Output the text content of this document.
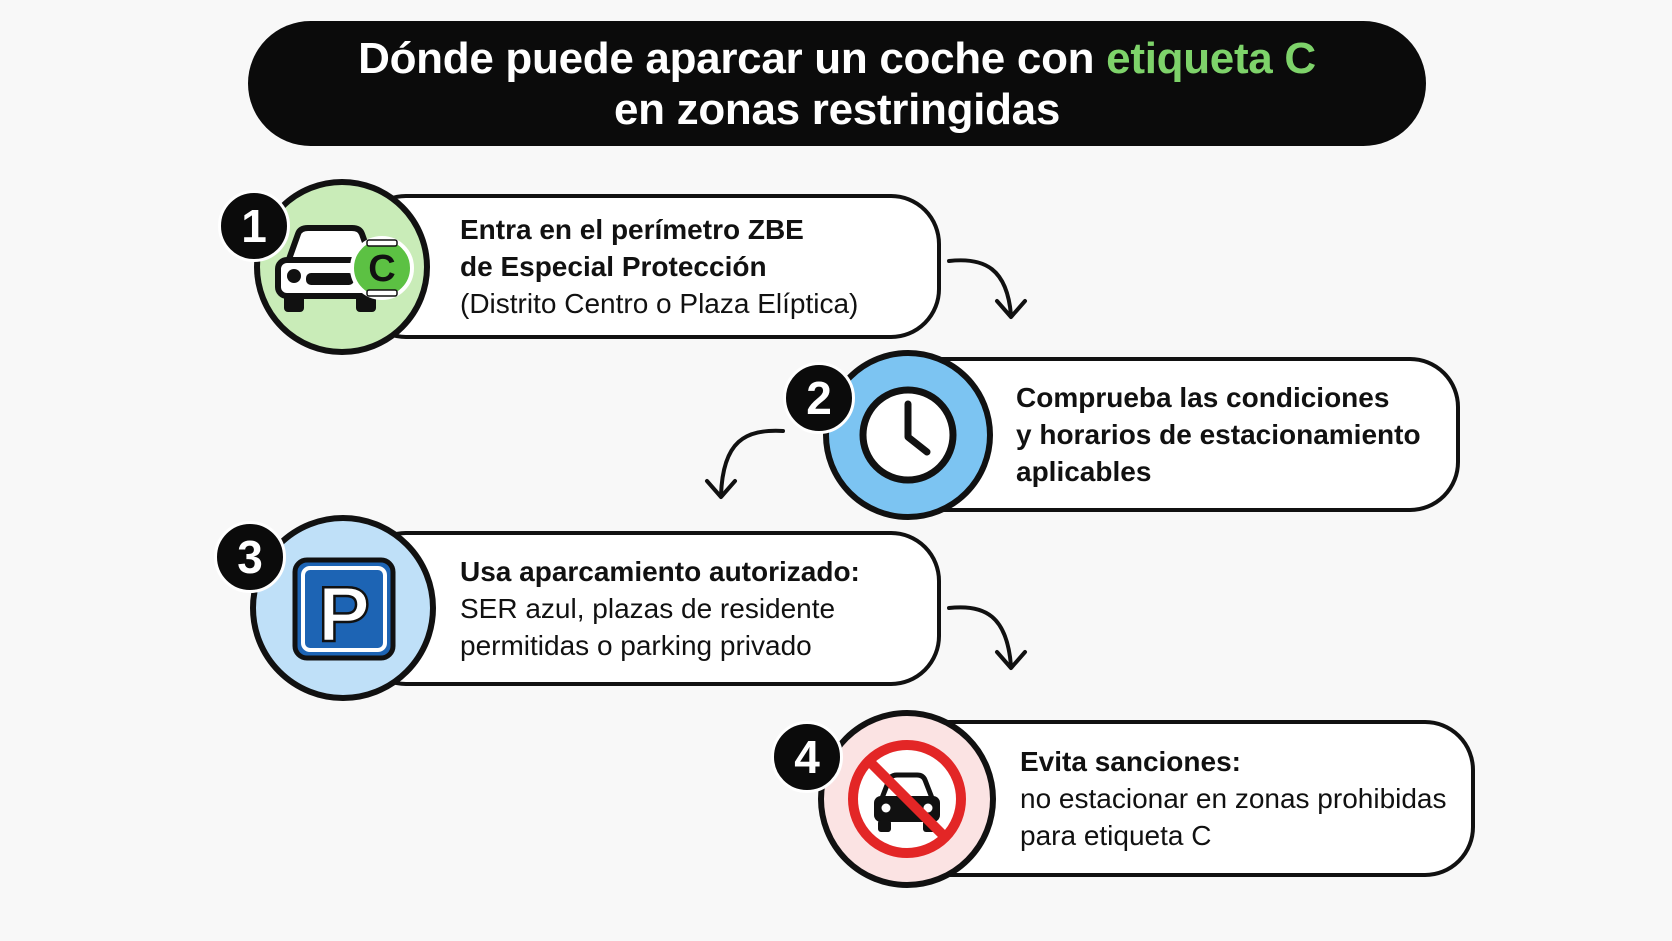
Dónde puede aparcar un coche con etiqueta C
en zonas restringidas
Entra en el perímetro ZBE
de Especial Protección
(Distrito Centro o Plaza Elíptica)
C
1
Comprueba las condiciones
y horarios de estacionamiento
aplicables
2
Usa aparcamiento autorizado:
SER azul, plazas de residente
permitidas o parking privado
P
3
Evita sanciones:
no estacionar en zonas prohibidas
para etiqueta C
4
